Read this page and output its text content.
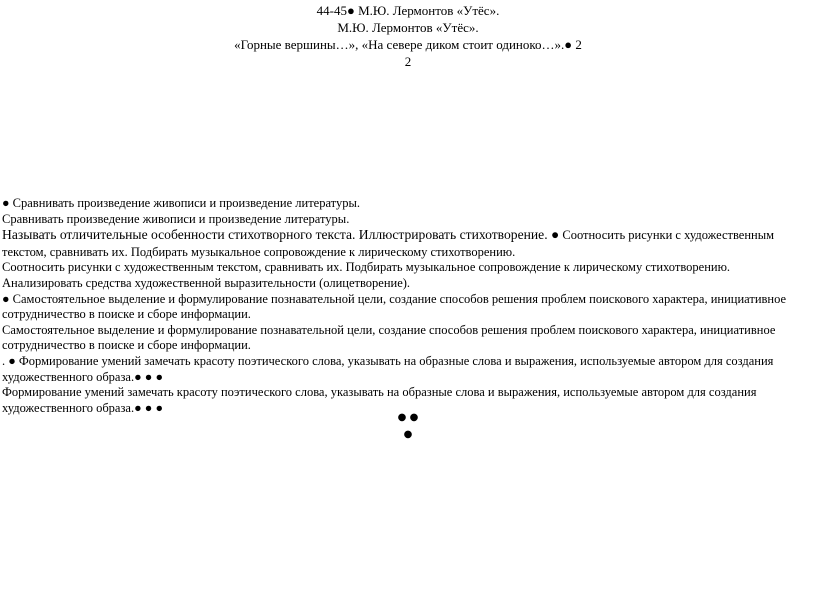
44-45● М.Ю. Лермонтов «Утёс».
М.Ю. Лермонтов «Утёс».
«Горные вершины…», «На севере диком стоит одиноко…».● 2
2

● Сравнивать произведение живописи и произведение литературы.

Сравнивать произведение живописи и произведение литературы.

Называть отличительные особенности стихотворного текста. Иллюстрировать стихотворение. ● Соотносить рисунки с художественным текстом, сравнивать их. Подбирать музыкальное сопровождение к лирическому стихотворению.

Соотносить рисунки с художественным текстом, сравнивать их. Подбирать музыкальное сопровождение к лирическому стихотворению.

Анализировать средства художественной выразительности (олицетворение).

● Самостоятельное выделение и формулирование познавательной цели, создание способов решения проблем поискового характера, инициативное сотрудничество в поиске и сборе информации.

Самостоятельное выделение и формулирование познавательной цели, создание способов решения проблем поискового характера, инициативное сотрудничество в поиске и сборе информации.

. ● Формирование умений замечать красоту поэтического слова, указывать на образные слова и выражения, используемые автором для создания художественного образа.● ● ●

Формирование умений замечать красоту поэтического слова, указывать на образные слова и выражения, используемые автором для создания художественного образа.● ● ●

● ●
●
